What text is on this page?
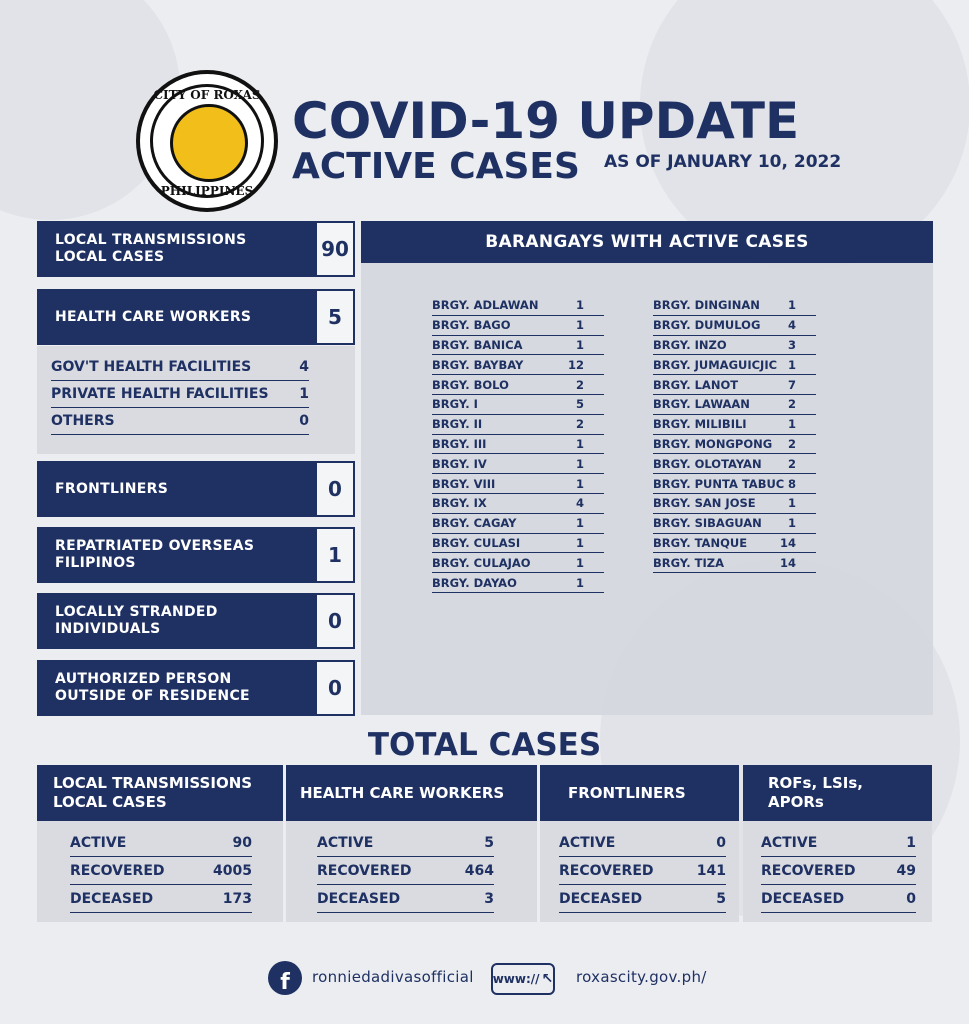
CITY OF ROXAS
PHILIPPINES
COVID-19 UPDATE
ACTIVE CASES AS OF JANUARY 10, 2022
LOCAL TRANSMISSIONS
LOCAL CASES	90
HEALTH CARE WORKERS	5
GOV'T HEALTH FACILITIES	4
PRIVATE HEALTH FACILITIES 1
OTHERS	0
FRONTLINERS	0
REPATRIATED OVERSEAS
FILIPINOS	1
LOCALLY STRANDED
INDIVIDUALS	0
AUTHORIZED PERSON
OUTSIDE OF RESIDENCE	0
BARANGAYS WITH ACTIVE CASES
BRGY. ADLAWAN	1
BRGY. BAGO	1
BRGY. BANICA	1
BRGY. BAYBAY	12
BRGY. BOLO	2
BRGY. I	5
BRGY. II	2
BRGY. III	1
BRGY. IV	1
BRGY. VIII	1
BRGY. IX	4
BRGY. CAGAY	1
BRGY. CULASI	1
BRGY. CULAJAO	1
BRGY. DAYAO	1
BRGY. DINGINAN 1
BRGY. DUMULOG 4
BRGY. INZO	3
BRGY. JUMAGUICJIC 1
BRGY. LANOT	7
BRGY. LAWAAN	2
BRGY. MILIBILI	1
BRGY. MONGPONG 2
BRGY. OLOTAYAN 2
BRGY. PUNTA TABUC 8
BRGY. SAN JOSE	1
BRGY. SIBAGUAN 1
BRGY. TANQUE	14
BRGY. TIZA	14
TOTAL CASES
LOCAL TRANSMISSIONS
LOCAL CASES
ACTIVE	90
RECOVERED	4005
DECEASED	173
HEALTH CARE WORKERS
ACTIVE	5
RECOVERED	464
DECEASED	3
FRONTLINERS
ACTIVE	0
RECOVERED	141
DECEASED	5
ROFs, LSIs,
APORs
ACTIVE	1
RECOVERED	49
DECEASED	0
f	ronniedadivasofficial www:// ↖ roxascity.gov.ph/
